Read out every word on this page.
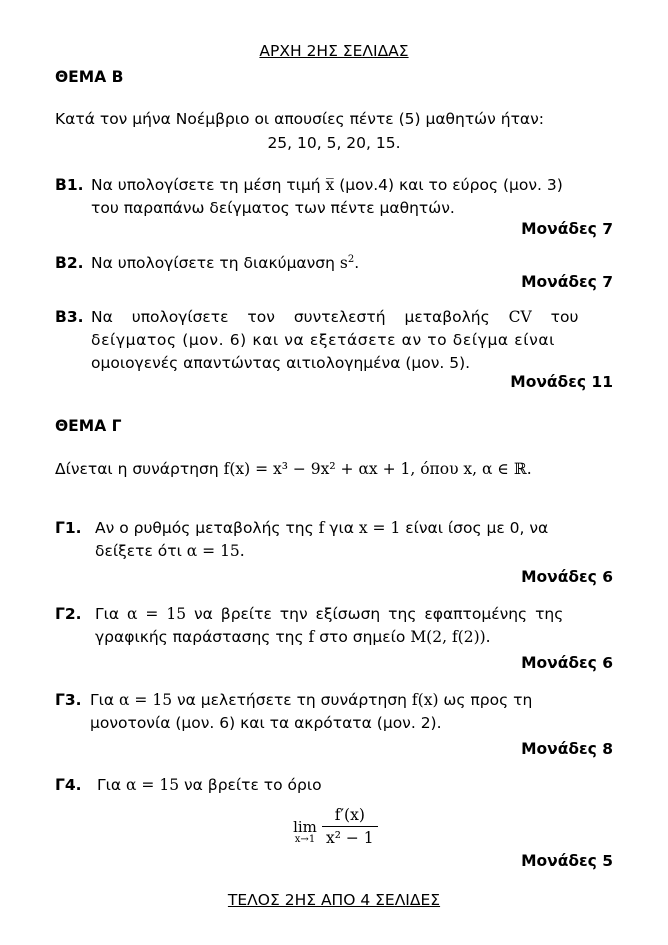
ΑΡΧΗ 2ΗΣ ΣΕΛΙΔΑΣ
ΘΕΜΑ Β
Κατά τον μήνα Νοέμβριο οι απουσίες πέντε (5) μαθητών ήταν:
25, 10, 5, 20, 15.
Β1. Να υπολογίσετε τη μέση τιμή x̅ (μον.4) και το εύρος (μον. 3)
του παραπάνω δείγματος των πέντε μαθητών.
Μονάδες 7
Β2. Να υπολογίσετε τη διακύμανση $s^2$.
Μονάδες 7
Β3. Να υπολογίσετε τον συντελεστή μεταβολής CV του
δείγματος (μον. 6) και να εξετάσετε αν το δείγμα είναι
ομοιογενές απαντώντας αιτιολογημένα (μον. 5).
Μονάδες 11
ΘΕΜΑ Γ
Δίνεται η συνάρτηση f(x) = x³ − 9x² + αx + 1, όπου x, α ∈ ℝ.
Γ1. Αν ο ρυθμός μεταβολής της f για x = 1 είναι ίσος με 0, να
δείξετε ότι α = 15.
Μονάδες 6
Γ2. Για α = 15 να βρείτε την εξίσωση της εφαπτομένης της
γραφικής παράστασης της f στο σημείο M(2, f(2)).
Μονάδες 6
Γ3. Για α = 15 να μελετήσετε τη συνάρτηση f(x) ως προς τη
μονοτονία (μον. 6) και τα ακρότατα (μον. 2).
Μονάδες 8
Γ4. Για α = 15 να βρείτε το όριο
lim
$x\to 1 \frac{f'(x)}{\text{x² − 1}}$
Μονάδες 5
ΤΕΛΟΣ 2ΗΣ ΑΠΟ 4 ΣΕΛΙΔΕΣ
